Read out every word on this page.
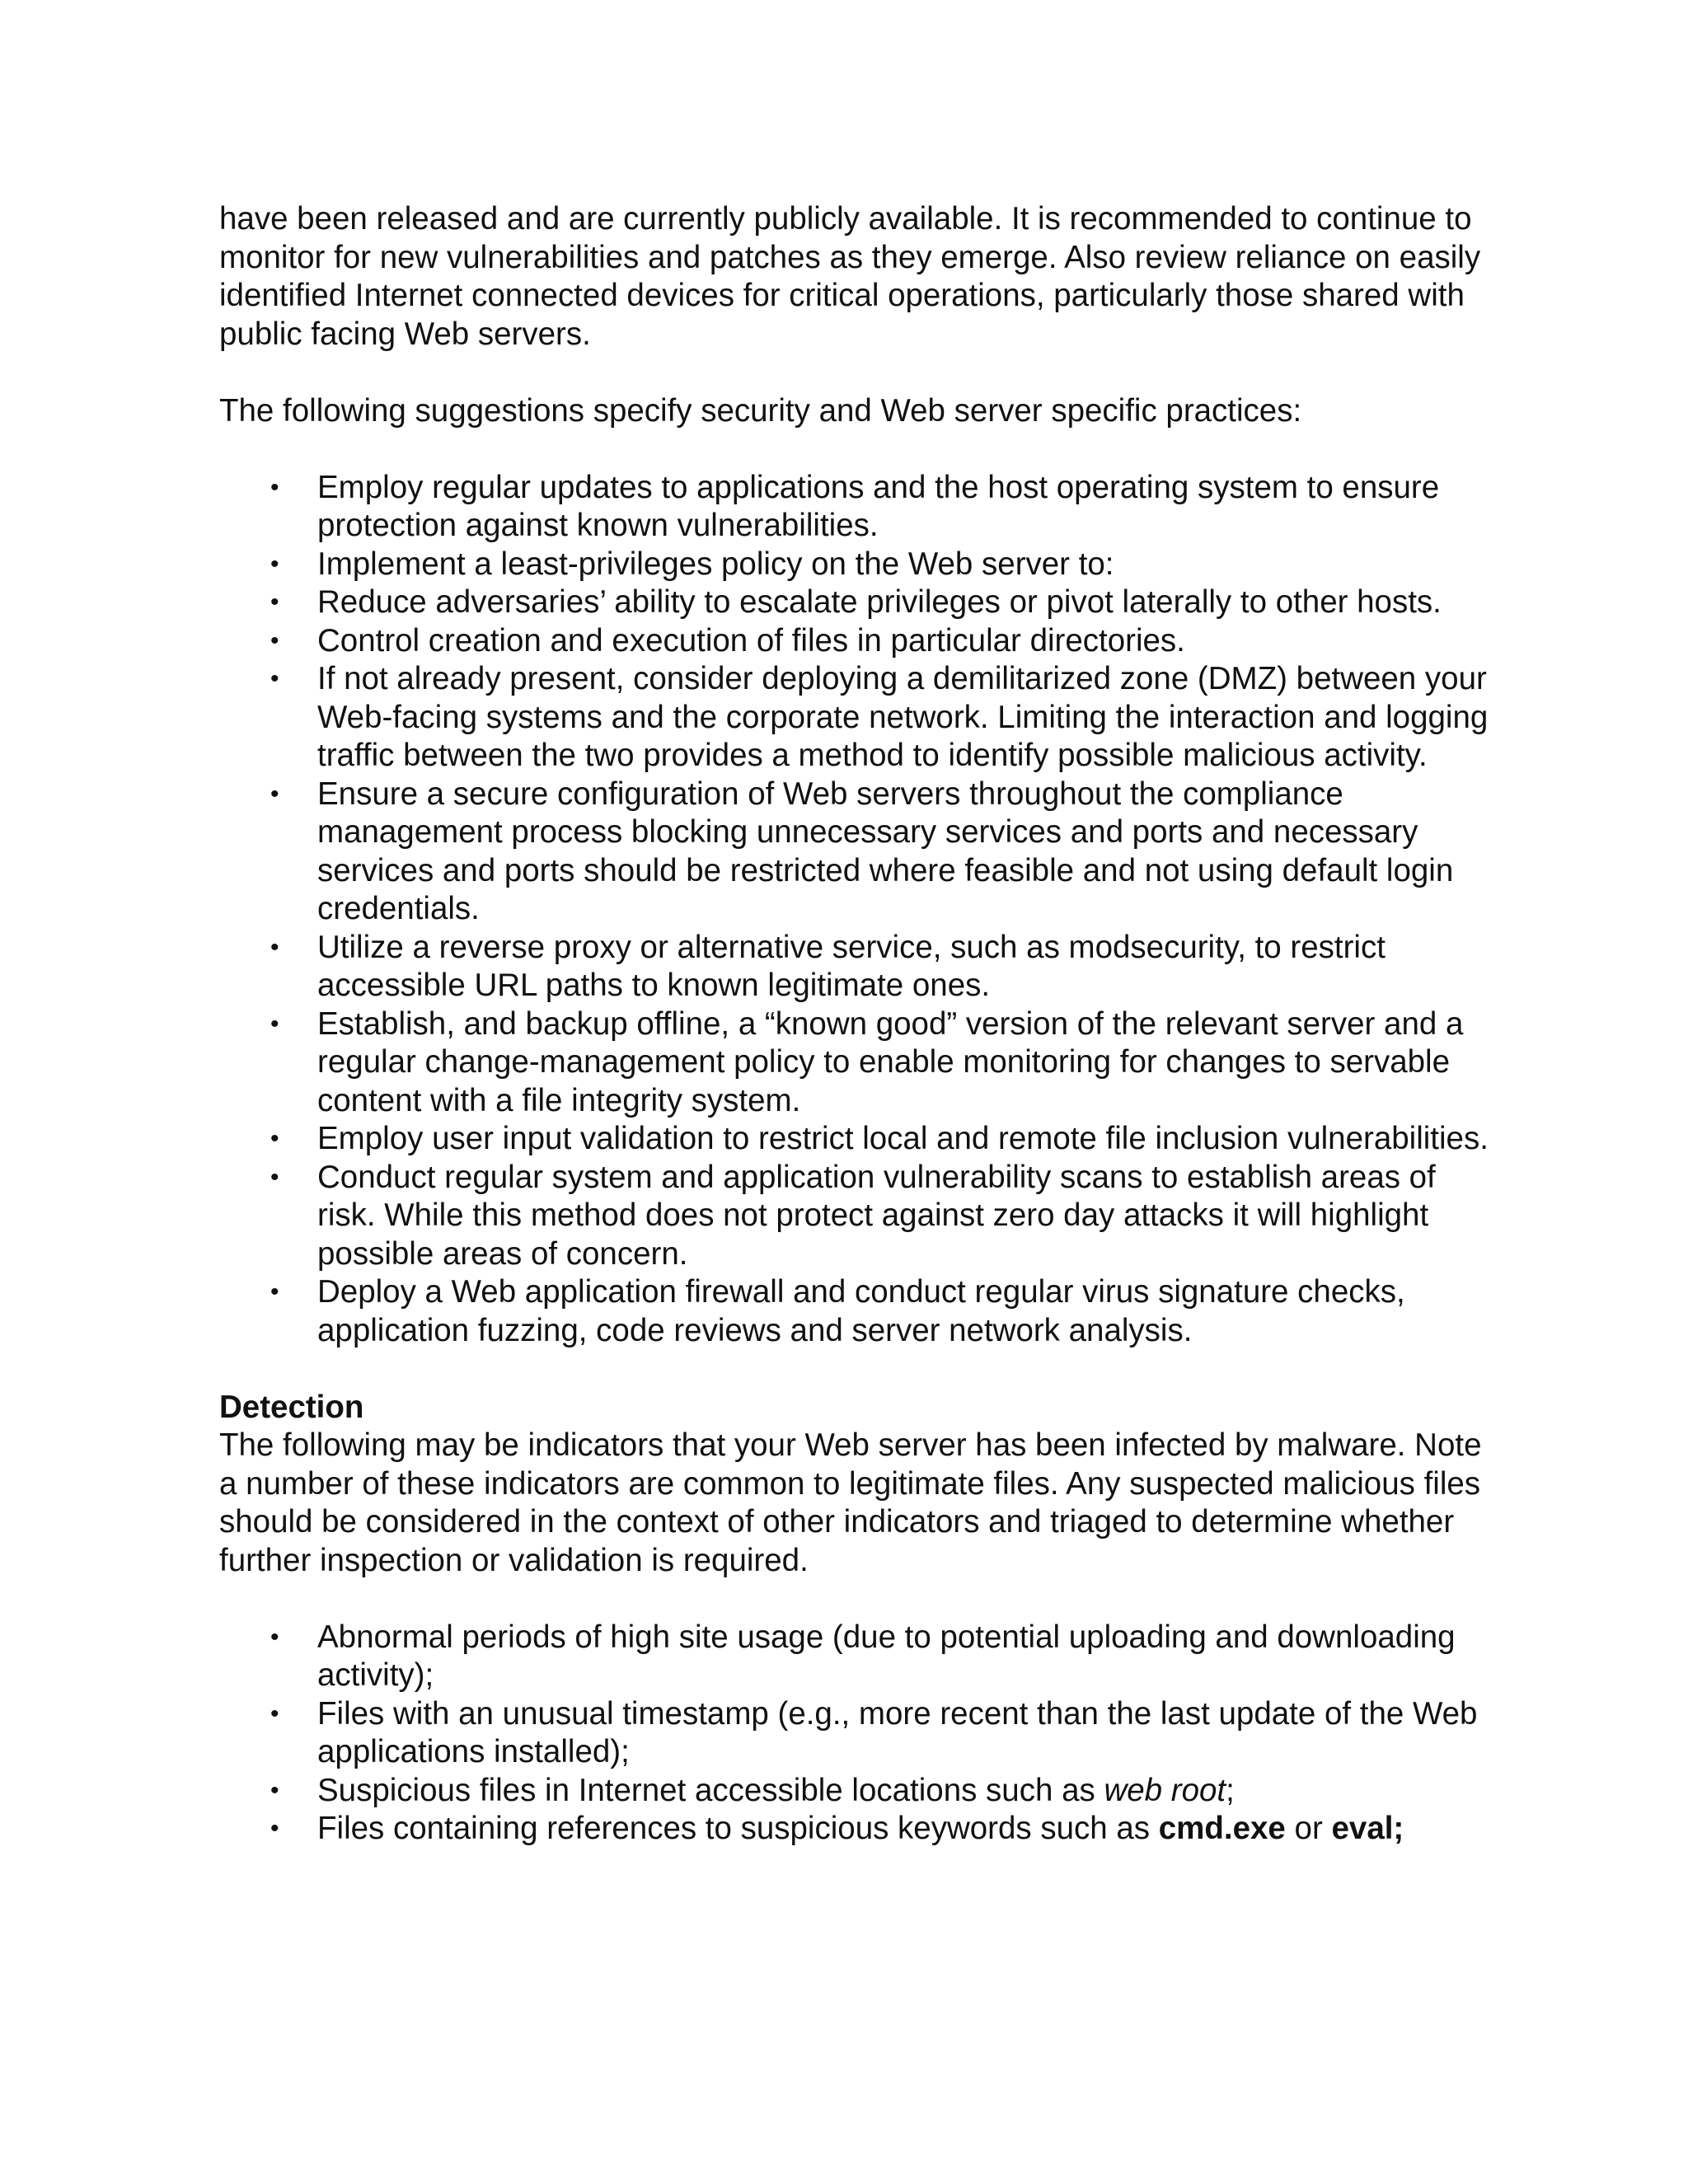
have been released and are currently publicly available. It is recommended to continue to monitor for new vulnerabilities and patches as they emerge. Also review reliance on easily identified Internet connected devices for critical operations, particularly those shared with public facing Web servers.

The following suggestions specify security and Web server specific practices:

• Employ regular updates to applications and the host operating system to ensure protection against known vulnerabilities.
• Implement a least-privileges policy on the Web server to:
• Reduce adversaries’ ability to escalate privileges or pivot laterally to other hosts.
• Control creation and execution of files in particular directories.
• If not already present, consider deploying a demilitarized zone (DMZ) between your Web-facing systems and the corporate network. Limiting the interaction and logging traffic between the two provides a method to identify possible malicious activity.
• Ensure a secure configuration of Web servers throughout the compliance management process blocking unnecessary services and ports and necessary services and ports should be restricted where feasible and not using default login credentials.
• Utilize a reverse proxy or alternative service, such as modsecurity, to restrict accessible URL paths to known legitimate ones.
• Establish, and backup offline, a “known good” version of the relevant server and a regular change-management policy to enable monitoring for changes to servable content with a file integrity system.
• Employ user input validation to restrict local and remote file inclusion vulnerabilities.
• Conduct regular system and application vulnerability scans to establish areas of risk. While this method does not protect against zero day attacks it will highlight possible areas of concern.
• Deploy a Web application firewall and conduct regular virus signature checks, application fuzzing, code reviews and server network analysis.

Detection

The following may be indicators that your Web server has been infected by malware. Note a number of these indicators are common to legitimate files. Any suspected malicious files should be considered in the context of other indicators and triaged to determine whether further inspection or validation is required.

• Abnormal periods of high site usage (due to potential uploading and downloading activity);
• Files with an unusual timestamp (e.g., more recent than the last update of the Web applications installed);
• Suspicious files in Internet accessible locations such as web root;
• Files containing references to suspicious keywords such as cmd.exe or eval;
